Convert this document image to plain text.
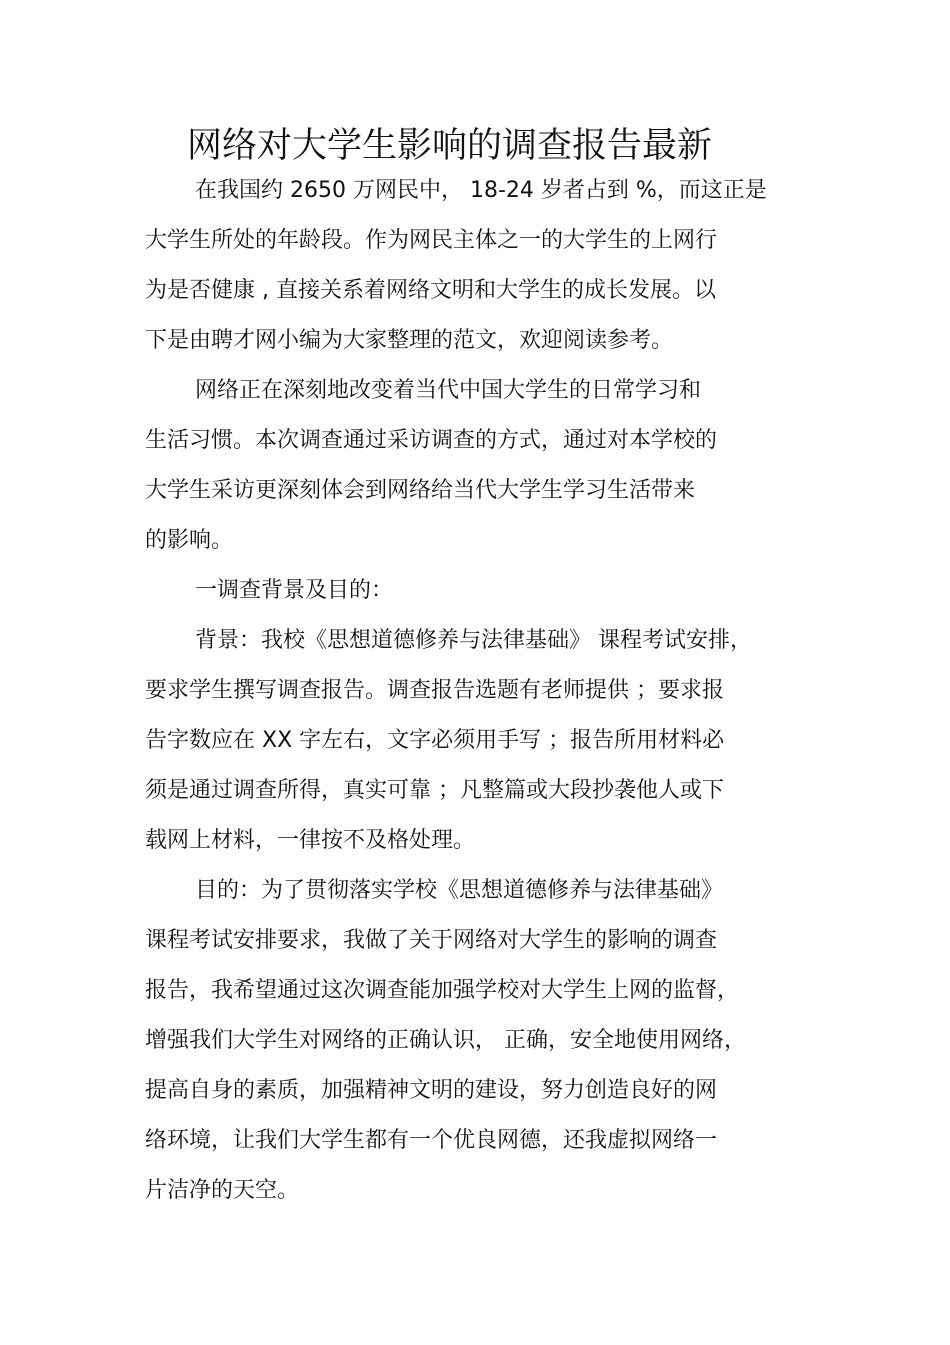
网络对大学生影响的调查报告最新
在我国约 2650 万网民中， 18-24 岁者占到 %，而这正是
大学生所处的年龄段。作为网民主体之一的大学生的上网行
为是否健康 , 直接关系着网络文明和大学生的成长发展。以
下是由聘才网小编为大家整理的范文，欢迎阅读参考。
网络正在深刻地改变着当代中国大学生的日常学习和
生活习惯。本次调查通过采访调查的方式，通过对本学校的
大学生采访更深刻体会到网络给当代大学生学习生活带来
的影响。
一调查背景及目的：
背景：我校《思想道德修养与法律基础》 课程考试安排，
要求学生撰写调查报告。调查报告选题有老师提供 ；要求报
告字数应在 XX 字左右，文字必须用手写 ；报告所用材料必
须是通过调查所得，真实可靠 ；凡整篇或大段抄袭他人或下
载网上材料，一律按不及格处理。
目的：为了贯彻落实学校《思想道德修养与法律基础》
课程考试安排要求，我做了关于网络对大学生的影响的调查
报告，我希望通过这次调查能加强学校对大学生上网的监督，
增强我们大学生对网络的正确认识， 正确，安全地使用网络，
提高自身的素质，加强精神文明的建设，努力创造良好的网
络环境，让我们大学生都有一个优良网德，还我虚拟网络一
片洁净的天空。
